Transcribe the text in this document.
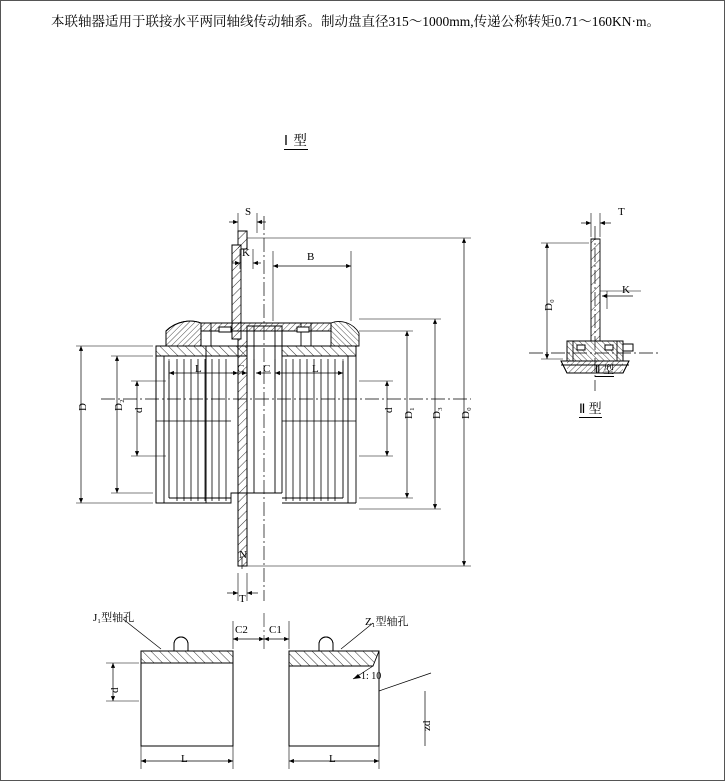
本联轴器适用于联接水平两同轴线传动轴系。制动盘直径315～1000mm,传递公称转矩0.71～160KN·m。
Ⅰ 型
Ⅱ 型
S
K	B
D D₂ d	d D₁ D₃ D₀
L	C C	L
N
T
T
K
D₀
Ⅱ 型
J₁型轴孔	Z₁型轴孔
C2 C1
1: 10
d
zd
L	L
